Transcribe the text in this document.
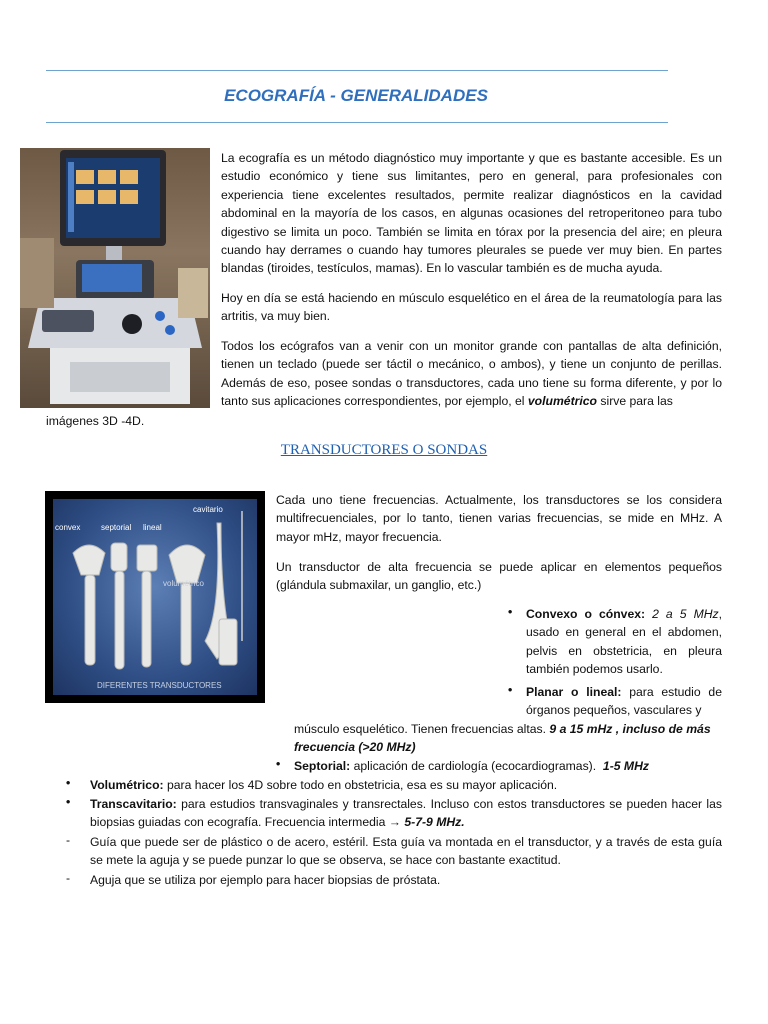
ECOGRAFÍA - GENERALIDADES

La ecografía es un método diagnóstico muy importante y que es bastante accesible. Es un estudio económico y tiene sus limitantes, pero en general, para profesionales con experiencia tiene excelentes resultados, permite realizar diagnósticos en la cavidad abdominal en la mayoría de los casos, en algunas ocasiones del retroperitoneo para tubo digestivo se limita un poco. También se limita en tórax por la presencia del aire; en pleura cuando hay derrames o cuando hay tumores pleurales se puede ver muy bien. En partes blandas (tiroides, testículos, mamas). En lo vascular también es de mucha ayuda.

Hoy en día se está haciendo en músculo esquelético en el área de la reumatología para las artritis, va muy bien.

Todos los ecógrafos van a venir con un monitor grande con pantallas de alta definición, tienen un teclado (puede ser táctil o mecánico, o ambos), y tiene un conjunto de perillas. Además de eso, posee sondas o transductores, cada uno tiene su forma diferente, y por lo tanto sus aplicaciones correspondientes, por ejemplo, el volumétrico sirve para las

imágenes 3D -4D.

TRANSDUCTORES O SONDAS
convex	septorial lineal
cavitario
volumétrico
DIFERENTES TRANSDUCTORES

Cada uno tiene frecuencias. Actualmente, los transductores se los considera multifrecuenciales, por lo tanto, tienen varias frecuencias, se mide en MHz. A mayor mHz, mayor frecuencia.

Un transductor de alta frecuencia se puede aplicar en elementos pequeños (glándula submaxilar, un ganglio, etc.)

• Convexo o cónvex: 2 a 5 MHz, usado en general en el abdomen, pelvis en obstetricia, en pleura también podemos usarlo.

• Planar o lineal: para estudio de órganos pequeños, vasculares y

músculo esquelético. Tienen frecuencias altas. 9 a 15 mHz , incluso de más
frecuencia (>20 MHz)

• Septorial: aplicación de cardiología (ecocardiogramas). 1-5 MHz

• Volumétrico: para hacer los 4D sobre todo en obstetricia, esa es su mayor aplicación.

• Transcavitario: para estudios transvaginales y transrectales. Incluso con estos transductores se pueden hacer las biopsias guiadas con ecografía. Frecuencia intermedia → 5-7-9 MHz.

- Guía que puede ser de plástico o de acero, estéril. Esta guía va montada en el transductor, y a través de esta guía se mete la aguja y se puede punzar lo que se observa, se hace con bastante exactitud.

- Aguja que se utiliza por ejemplo para hacer biopsias de próstata.
